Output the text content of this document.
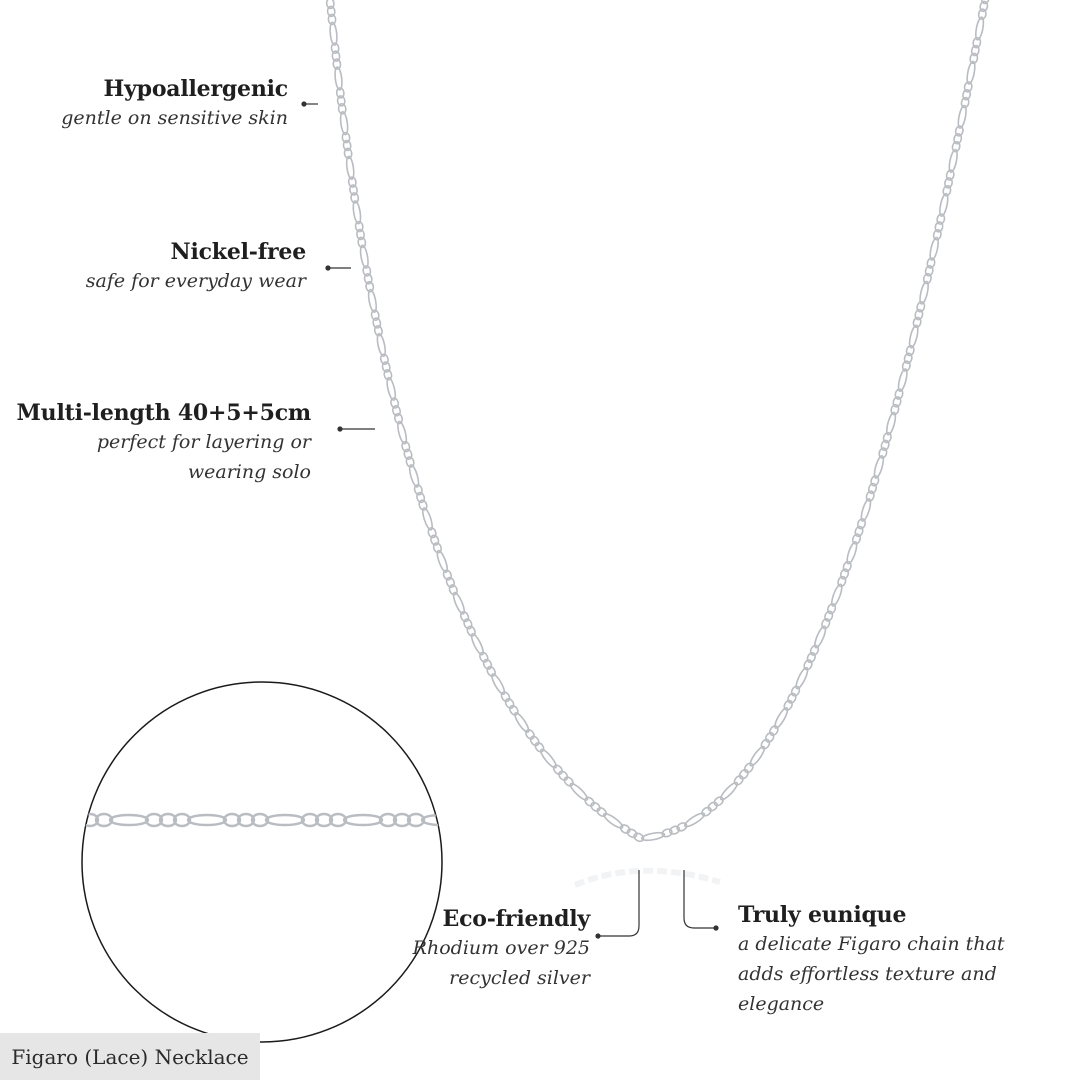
Hypoallergenic
gentle on sensitive skin
Nickel-free
safe for everyday wear
Multi-length 40+5+5cm
perfect for layering or
wearing solo
Eco-friendly
Rhodium over 925
recycled silver
Truly eunique
a delicate Figaro chain that
adds effortless texture and
elegance
Figaro (Lace) Necklace
